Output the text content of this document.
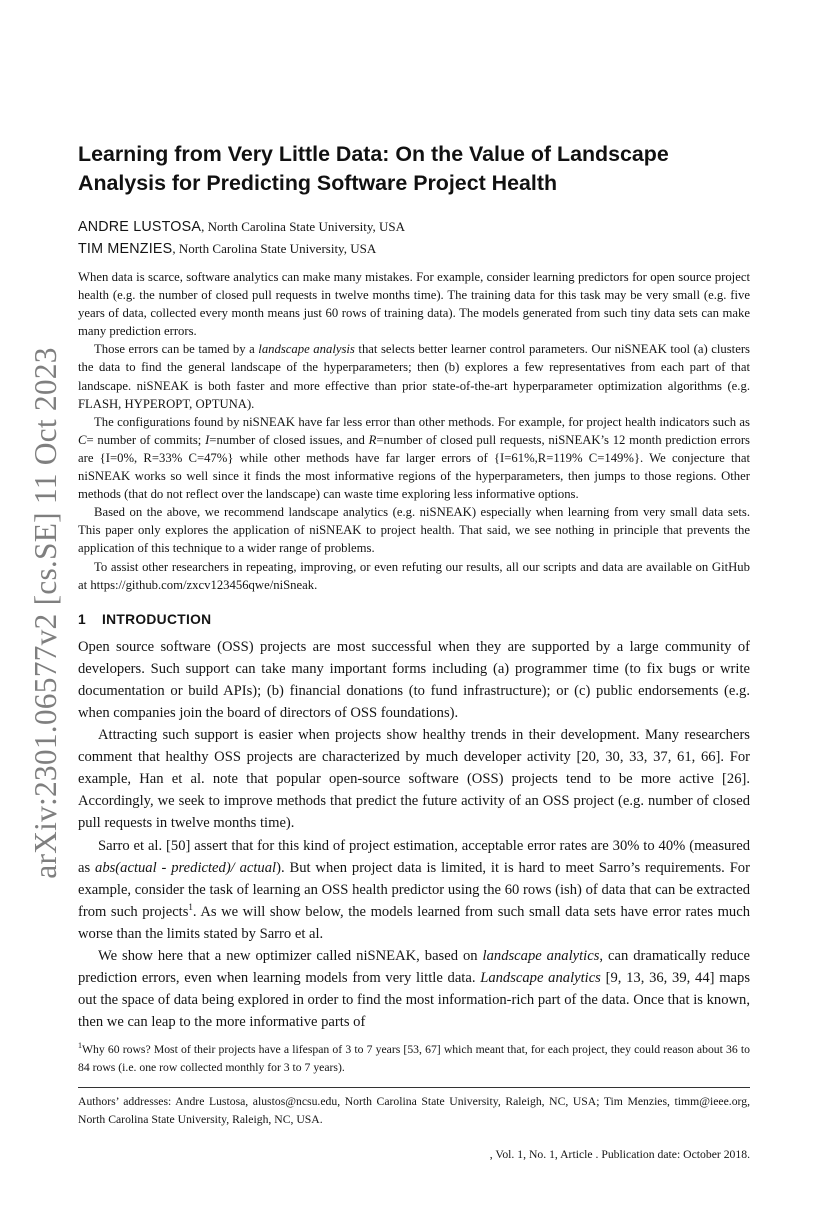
arXiv:2301.06577v2 [cs.SE] 11 Oct 2023
Learning from Very Little Data: On the Value of Landscape Analysis for Predicting Software Project Health
ANDRE LUSTOSA, North Carolina State University, USA
TIM MENZIES, North Carolina State University, USA

When data is scarce, software analytics can make many mistakes. For example, consider learning predictors for open source project health (e.g. the number of closed pull requests in twelve months time). The training data for this task may be very small (e.g. five years of data, collected every month means just 60 rows of training data). The models generated from such tiny data sets can make many prediction errors.

Those errors can be tamed by a landscape analysis that selects better learner control parameters. Our niSNEAK tool (a) clusters the data to find the general landscape of the hyperparameters; then (b) explores a few representatives from each part of that landscape. niSNEAK is both faster and more effective than prior state-of-the-art hyperparameter optimization algorithms (e.g. FLASH, HYPEROPT, OPTUNA).

The configurations found by niSNEAK have far less error than other methods. For example, for project health indicators such as C= number of commits; I=number of closed issues, and R=number of closed pull requests, niSNEAK’s 12 month prediction errors are {I=0%, R=33% C=47%} while other methods have far larger errors of {I=61%,R=119% C=149%}. We conjecture that niSNEAK works so well since it finds the most informative regions of the hyperparameters, then jumps to those regions. Other methods (that do not reflect over the landscape) can waste time exploring less informative options.

Based on the above, we recommend landscape analytics (e.g. niSNEAK) especially when learning from very small data sets. This paper only explores the application of niSNEAK to project health. That said, we see nothing in principle that prevents the application of this technique to a wider range of problems.

To assist other researchers in repeating, improving, or even refuting our results, all our scripts and data are available on GitHub at https://github.com/zxcv123456qwe/niSneak.

1 INTRODUCTION

Open source software (OSS) projects are most successful when they are supported by a large community of developers. Such support can take many important forms including (a) programmer time (to fix bugs or write documentation or build APIs); (b) financial donations (to fund infrastructure); or (c) public endorsements (e.g. when companies join the board of directors of OSS foundations).

Attracting such support is easier when projects show healthy trends in their development. Many researchers comment that healthy OSS projects are characterized by much developer activity [20, 30, 33, 37, 61, 66]. For example, Han et al. note that popular open-source software (OSS) projects tend to be more active [26]. Accordingly, we seek to improve methods that predict the future activity of an OSS project (e.g. number of closed pull requests in twelve months time).

Sarro et al. [50] assert that for this kind of project estimation, acceptable error rates are 30% to 40% (measured as abs(actual - predicted)/ actual). But when project data is limited, it is hard to meet Sarro’s requirements. For example, consider the task of learning an OSS health predictor using the 60 rows (ish) of data that can be extracted from such projects$^1$. As we will show below, the models learned from such small data sets have error rates much worse than the limits stated by Sarro et al.

We show here that a new optimizer called niSNEAK, based on landscape analytics, can dramatically reduce prediction errors, even when learning models from very little data. Landscape analytics [9, 13, 36, 39, 44] maps out the space of data being explored in order to find the most information-rich part of the data. Once that is known, then we can leap to the more informative parts of

$^1$Why 60 rows? Most of their projects have a lifespan of 3 to 7 years [53, 67] which meant that, for each project, they could reason about 36 to 84 rows (i.e. one row collected monthly for 3 to 7 years).
Authors’ addresses: Andre Lustosa, alustos@ncsu.edu, North Carolina State University, Raleigh, NC, USA; Tim Menzies, timm@ieee.org, North Carolina State University, Raleigh, NC, USA.
, Vol. 1, No. 1, Article . Publication date: October 2018.
